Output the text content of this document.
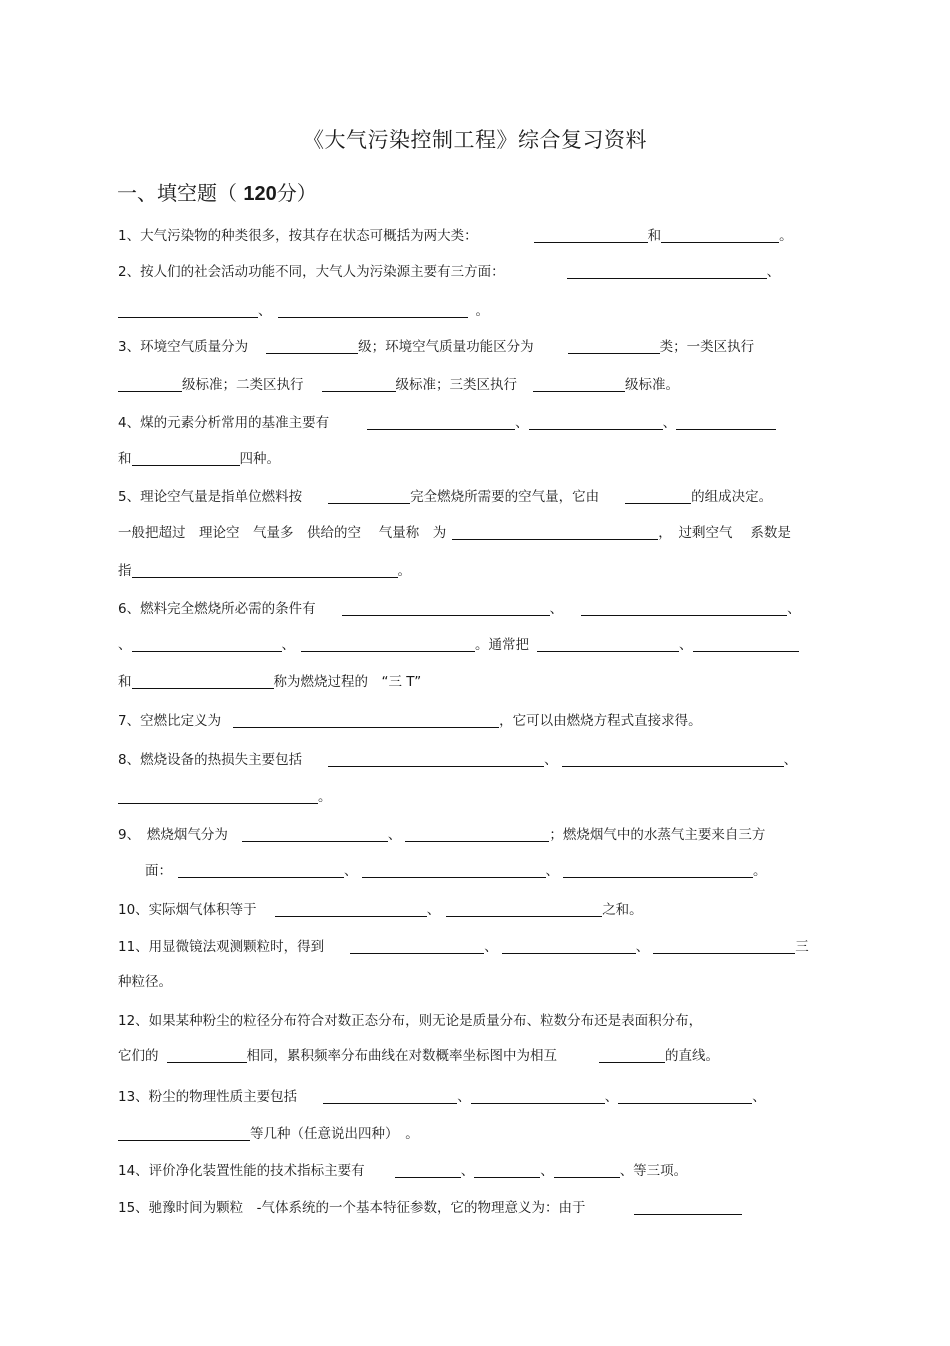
《大气污染控制工程》综合复习资料
一、填空题（ 120分）
1、大气污染物的种类很多，按其存在状态可概括为两大类：	和	。
2、按人们的社会活动功能不同，大气人为污染源主要有三方面：	、
、	。
3、环境空气质量分为	级；环境空气质量功能区分为	类；一类区执行
级标准；二类区执行	级标准；三类区执行	级标准。
4、煤的元素分析常用的基准主要有	、	、
和	四种。
5、理论空气量是指单位燃料按	完全燃烧所需要的空气量，它由	的组成决定。
一般把超过　理论空　气量多　供给的空　 气量称　为	，　过剩空气　 系数是
指	。
6、燃料完全燃烧所必需的条件有	、	、
、	、	。通常把	、
和	称为燃烧过程的　“三 T”
7、空燃比定义为	，它可以由燃烧方程式直接求得。
8、燃烧设备的热损失主要包括	、	、
。
9、　燃烧烟气分为	、	；燃烧烟气中的水蒸气主要来自三方
面：	、	、	。
10、实际烟气体积等于	、	之和。
11、用显微镜法观测颗粒时，得到	、	、	三
种粒径。
12、如果某种粉尘的粒径分布符合对数正态分布，则无论是质量分布、粒数分布还是表面积分布，
它们的	相同，累积频率分布曲线在对数概率坐标图中为相互	的直线。
13、粉尘的物理性质主要包括	、	、	、
等几种（任意说出四种）　。
14、评价净化装置性能的技术指标主要有	、	、	、等三项。
15、驰豫时间为颗粒　-气体系统的一个基本特征参数，它的物理意义为：由于
